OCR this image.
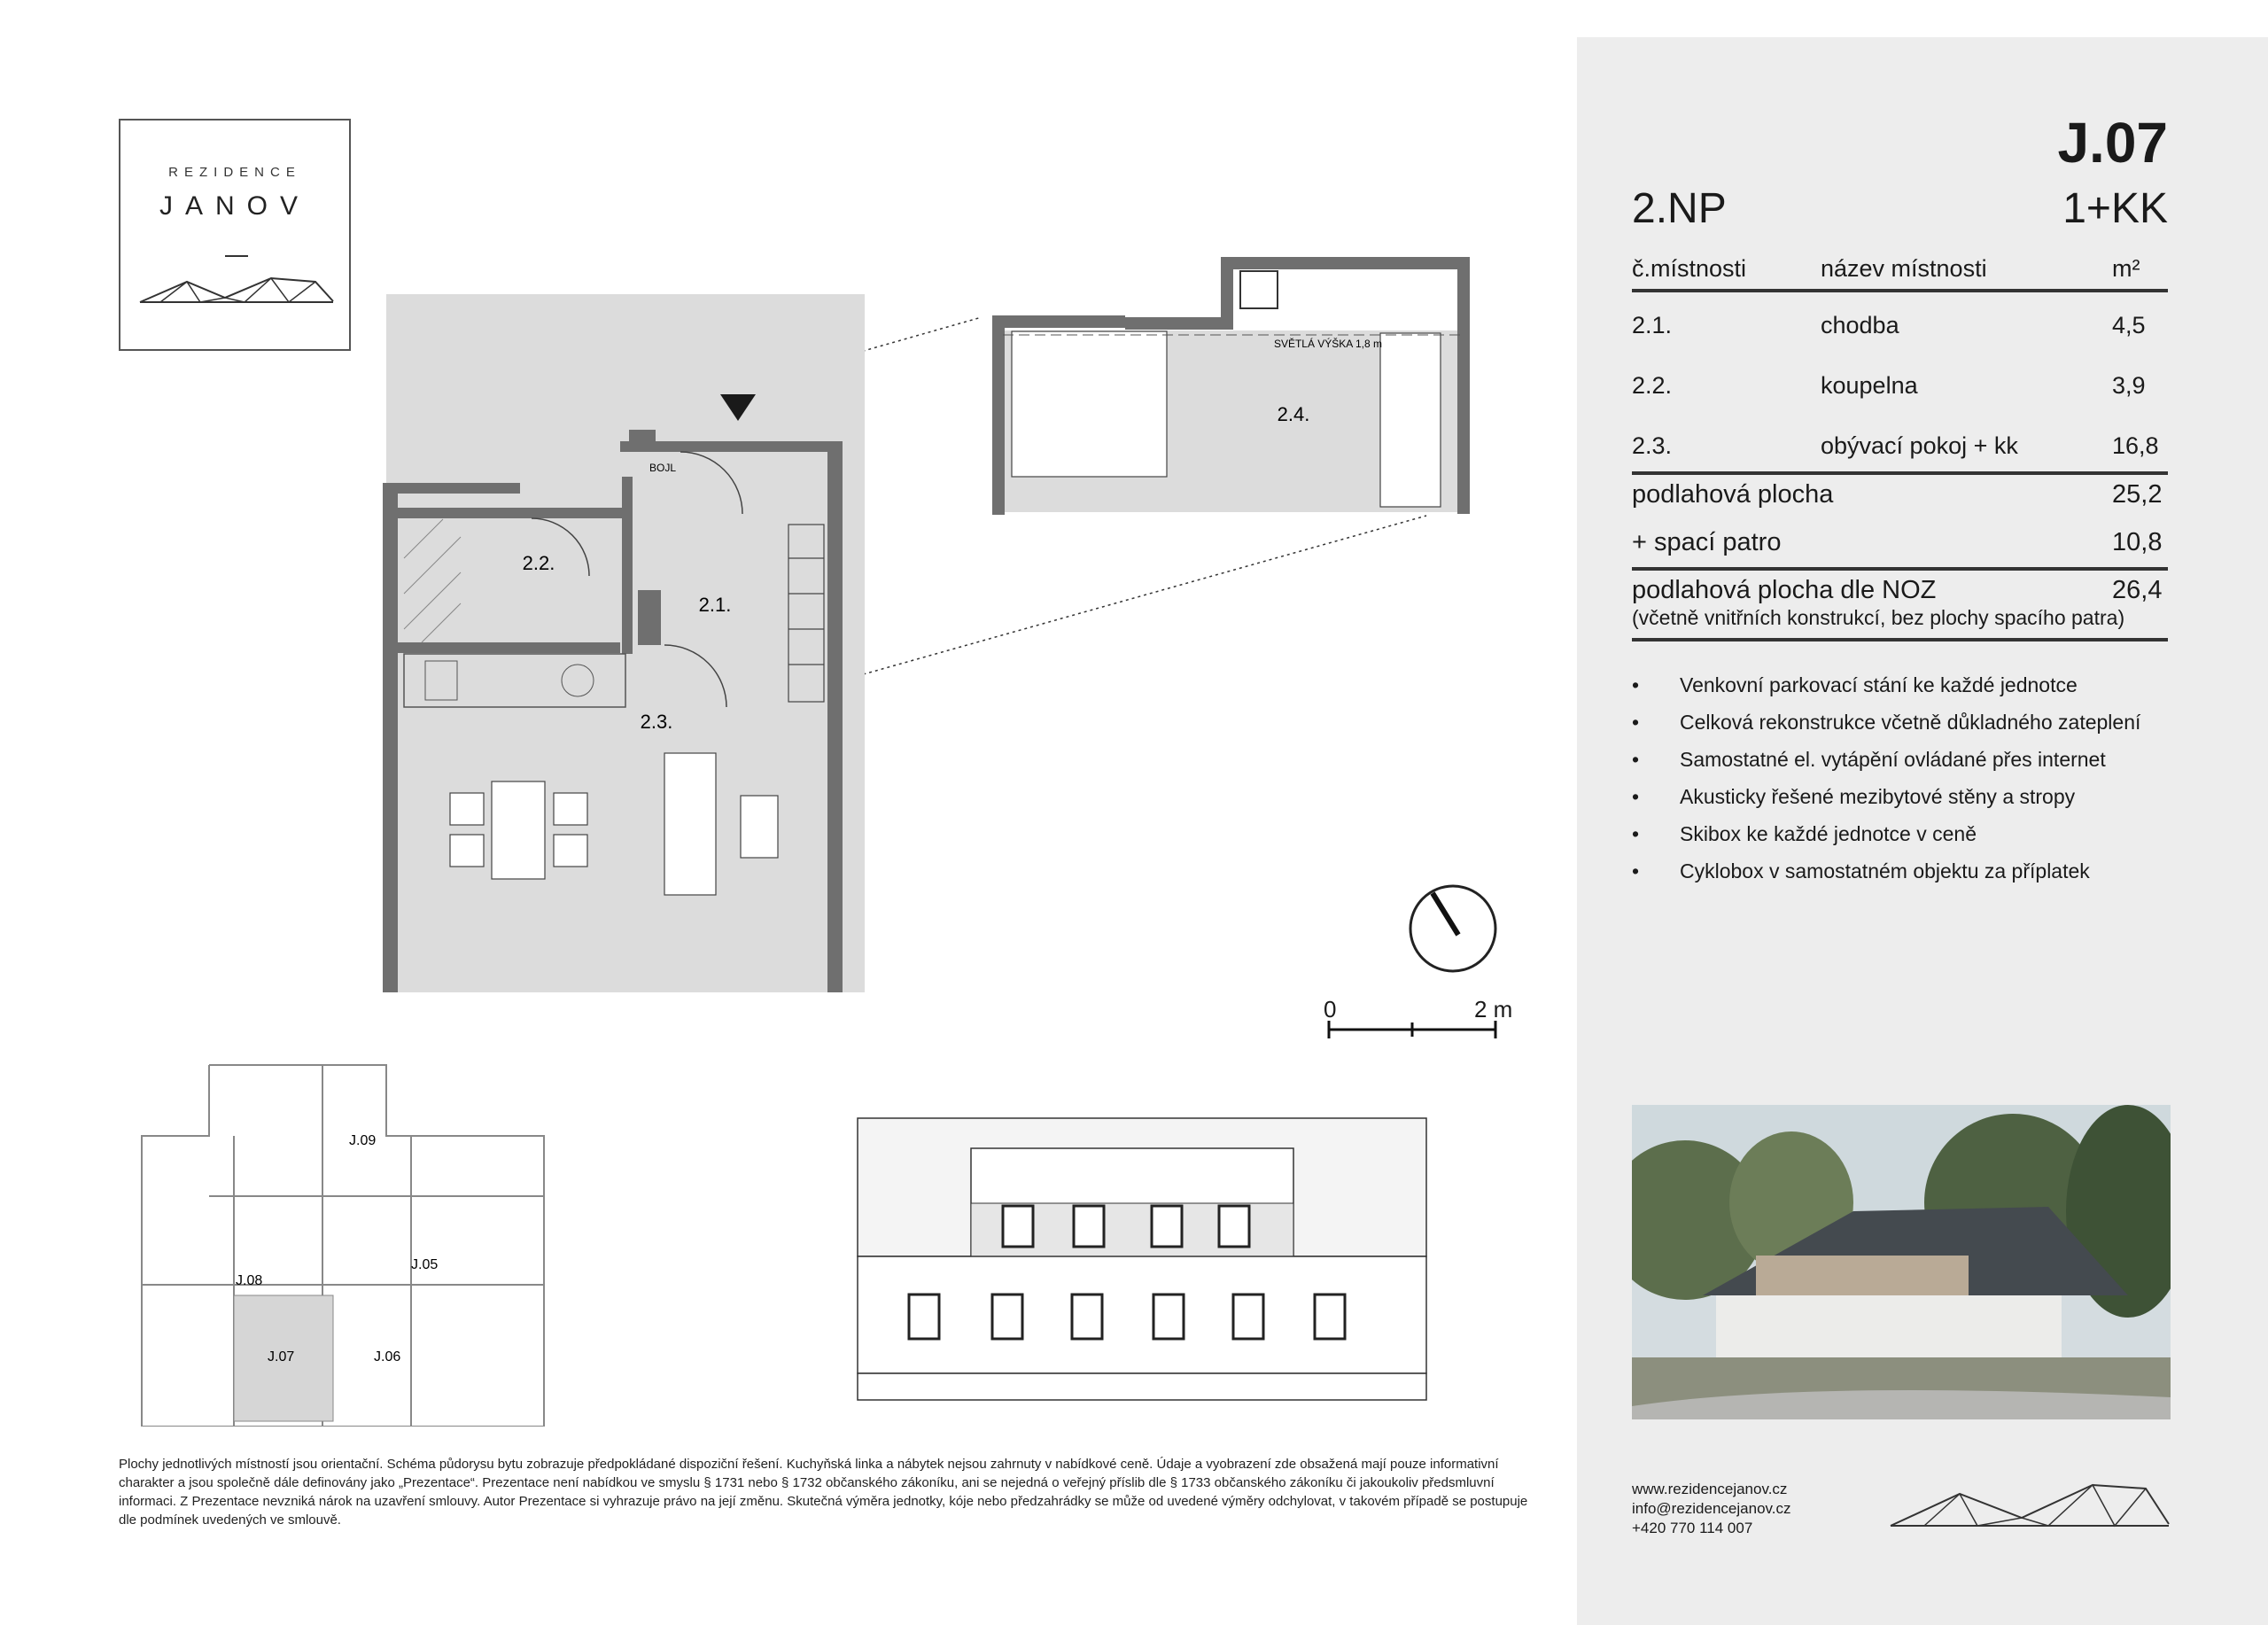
REZIDENCE
JANOV
2.2.
2.1.
2.3.
BOJL
SVĚTLÁ VÝŠKA 1,8 m
2.4.
0	2 m
J.09
J.08
J.05
J.07	J.06
J.07
2.NP	1+KK
č.místnosti	název místnosti	m²
2.1.	chodba	4,5
2.2.	koupelna	3,9
2.3.	obývací pokoj + kk	16,8
podlahová plocha	25,2
+ spací patro	10,8
podlahová plocha dle NOZ	26,4
(včetně vnitřních konstrukcí, bez plochy spacího patra)
• Venkovní parkovací stání ke každé jednotce
• Celková rekonstrukce včetně důkladného zateplení
• Samostatné el. vytápění ovládané přes internet
• Akusticky řešené mezibytové stěny a stropy
• Skibox ke každé jednotce v ceně
• Cyklobox v samostatném objektu za příplatek
www.rezidencejanov.cz
info@rezidencejanov.cz
+420 770 114 007
Plochy jednotlivých místností jsou orientační. Schéma půdorysu bytu zobrazuje předpokládané dispoziční řešení. Kuchyňská linka a nábytek nejsou zahrnuty v nabídkové ceně. Údaje a vyobrazení zde obsažená mají pouze informativní charakter a jsou společně dále definovány jako „Prezentace“. Prezentace není nabídkou ve smyslu § 1731 nebo § 1732 občanského zákoníku, ani se nejedná o veřejný příslib dle § 1733 občanského zákoníku či jakoukoliv předsmluvní informaci. Z Prezentace nevzniká nárok na uzavření smlouvy. Autor Prezentace si vyhrazuje právo na její změnu. Skutečná výměra jednotky, kóje nebo předzahrádky se může od uvedené výměry odchylovat, v takovém případě se postupuje dle podmínek uvedených ve smlouvě.
